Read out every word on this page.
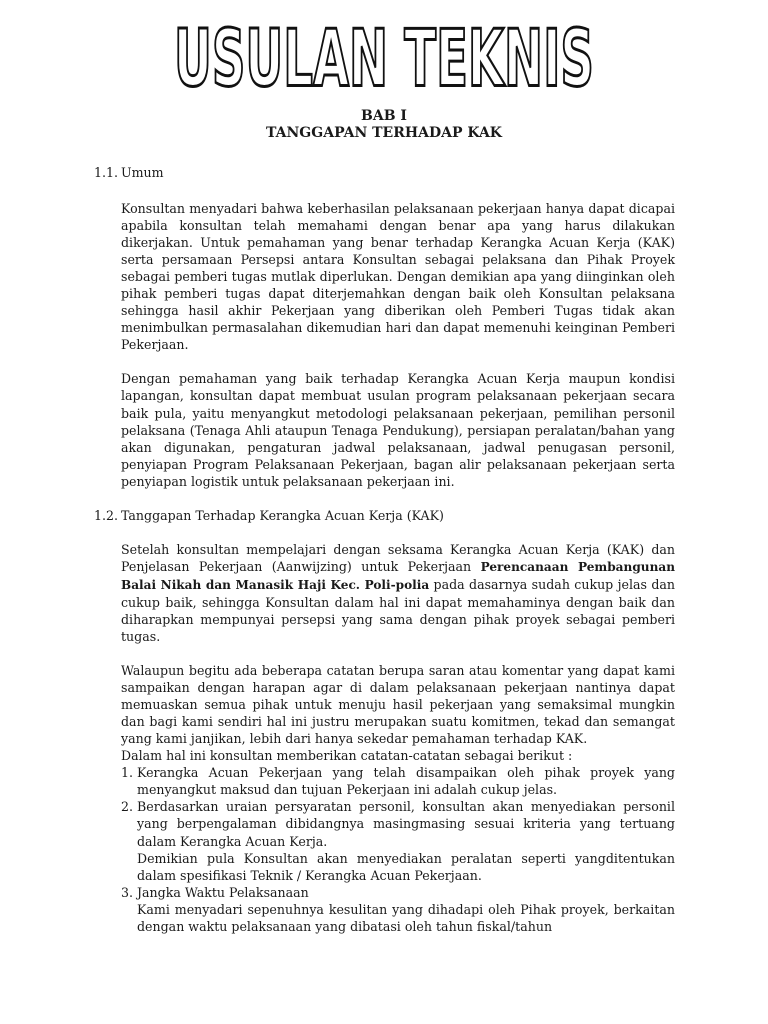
USULAN TEKNIS

BAB I

TANGGAPAN TERHADAP KAK

1.1. Umum

Konsultan menyadari bahwa keberhasilan pelaksanaan pekerjaan hanya dapat dicapai apabila konsultan telah memahami dengan benar apa yang harus dilakukan dikerjakan. Untuk pemahaman yang benar terhadap Kerangka Acuan Kerja (KAK) serta persamaan Persepsi antara Konsultan sebagai pelaksana dan Pihak Proyek sebagai pemberi tugas mutlak diperlukan. Dengan demikian apa yang diinginkan oleh pihak pemberi tugas dapat diterjemahkan dengan baik oleh Konsultan pelaksana sehingga hasil akhir Pekerjaan yang diberikan oleh Pemberi Tugas tidak akan menimbulkan permasalahan dikemudian hari dan dapat memenuhi keinginan Pemberi Pekerjaan.

Dengan pemahaman yang baik terhadap Kerangka Acuan Kerja maupun kondisi lapangan, konsultan dapat membuat usulan program pelaksanaan pekerjaan secara baik pula, yaitu menyangkut metodologi pelaksanaan pekerjaan, pemilihan personil pelaksana (Tenaga Ahli ataupun Tenaga Pendukung), persiapan peralatan/bahan yang akan digunakan, pengaturan jadwal pelaksanaan, jadwal penugasan personil, penyiapan Program Pelaksanaan Pekerjaan, bagan alir pelaksanaan pekerjaan serta penyiapan logistik untuk pelaksanaan pekerjaan ini.

1.2. Tanggapan Terhadap Kerangka Acuan Kerja (KAK)

Setelah konsultan mempelajari dengan seksama Kerangka Acuan Kerja (KAK) dan Penjelasan Pekerjaan (Aanwijzing) untuk Pekerjaan Perencanaan Pembangunan Balai Nikah dan Manasik Haji Kec. Poli-polia pada dasarnya sudah cukup jelas dan cukup baik, sehingga Konsultan dalam hal ini dapat memahaminya dengan baik dan diharapkan mempunyai persepsi yang sama dengan pihak proyek sebagai pemberi tugas.

Walaupun begitu ada beberapa catatan berupa saran atau komentar yang dapat kami sampaikan dengan harapan agar di dalam pelaksanaan pekerjaan nantinya dapat memuaskan semua pihak untuk menuju hasil pekerjaan yang semaksimal mungkin dan bagi kami sendiri hal ini justru merupakan suatu komitmen, tekad dan semangat yang kami janjikan, lebih dari hanya sekedar pemahaman terhadap KAK.

Dalam hal ini konsultan memberikan catatan-catatan sebagai berikut :

1. Kerangka Acuan Pekerjaan yang telah disampaikan oleh pihak proyek yang menyangkut maksud dan tujuan Pekerjaan ini adalah cukup jelas.
2. Berdasarkan uraian persyaratan personil, konsultan akan menyediakan personil yang berpengalaman dibidangnya masingmasing sesuai kriteria yang tertuang dalam Kerangka Acuan Kerja.
Demikian pula Konsultan akan menyediakan peralatan seperti yangditentukan dalam spesifikasi Teknik / Kerangka Acuan Pekerjaan.
3. Jangka Waktu Pelaksanaan
Kami menyadari sepenuhnya kesulitan yang dihadapi oleh Pihak proyek, berkaitan dengan waktu pelaksanaan yang dibatasi oleh tahun fiskal/tahun
